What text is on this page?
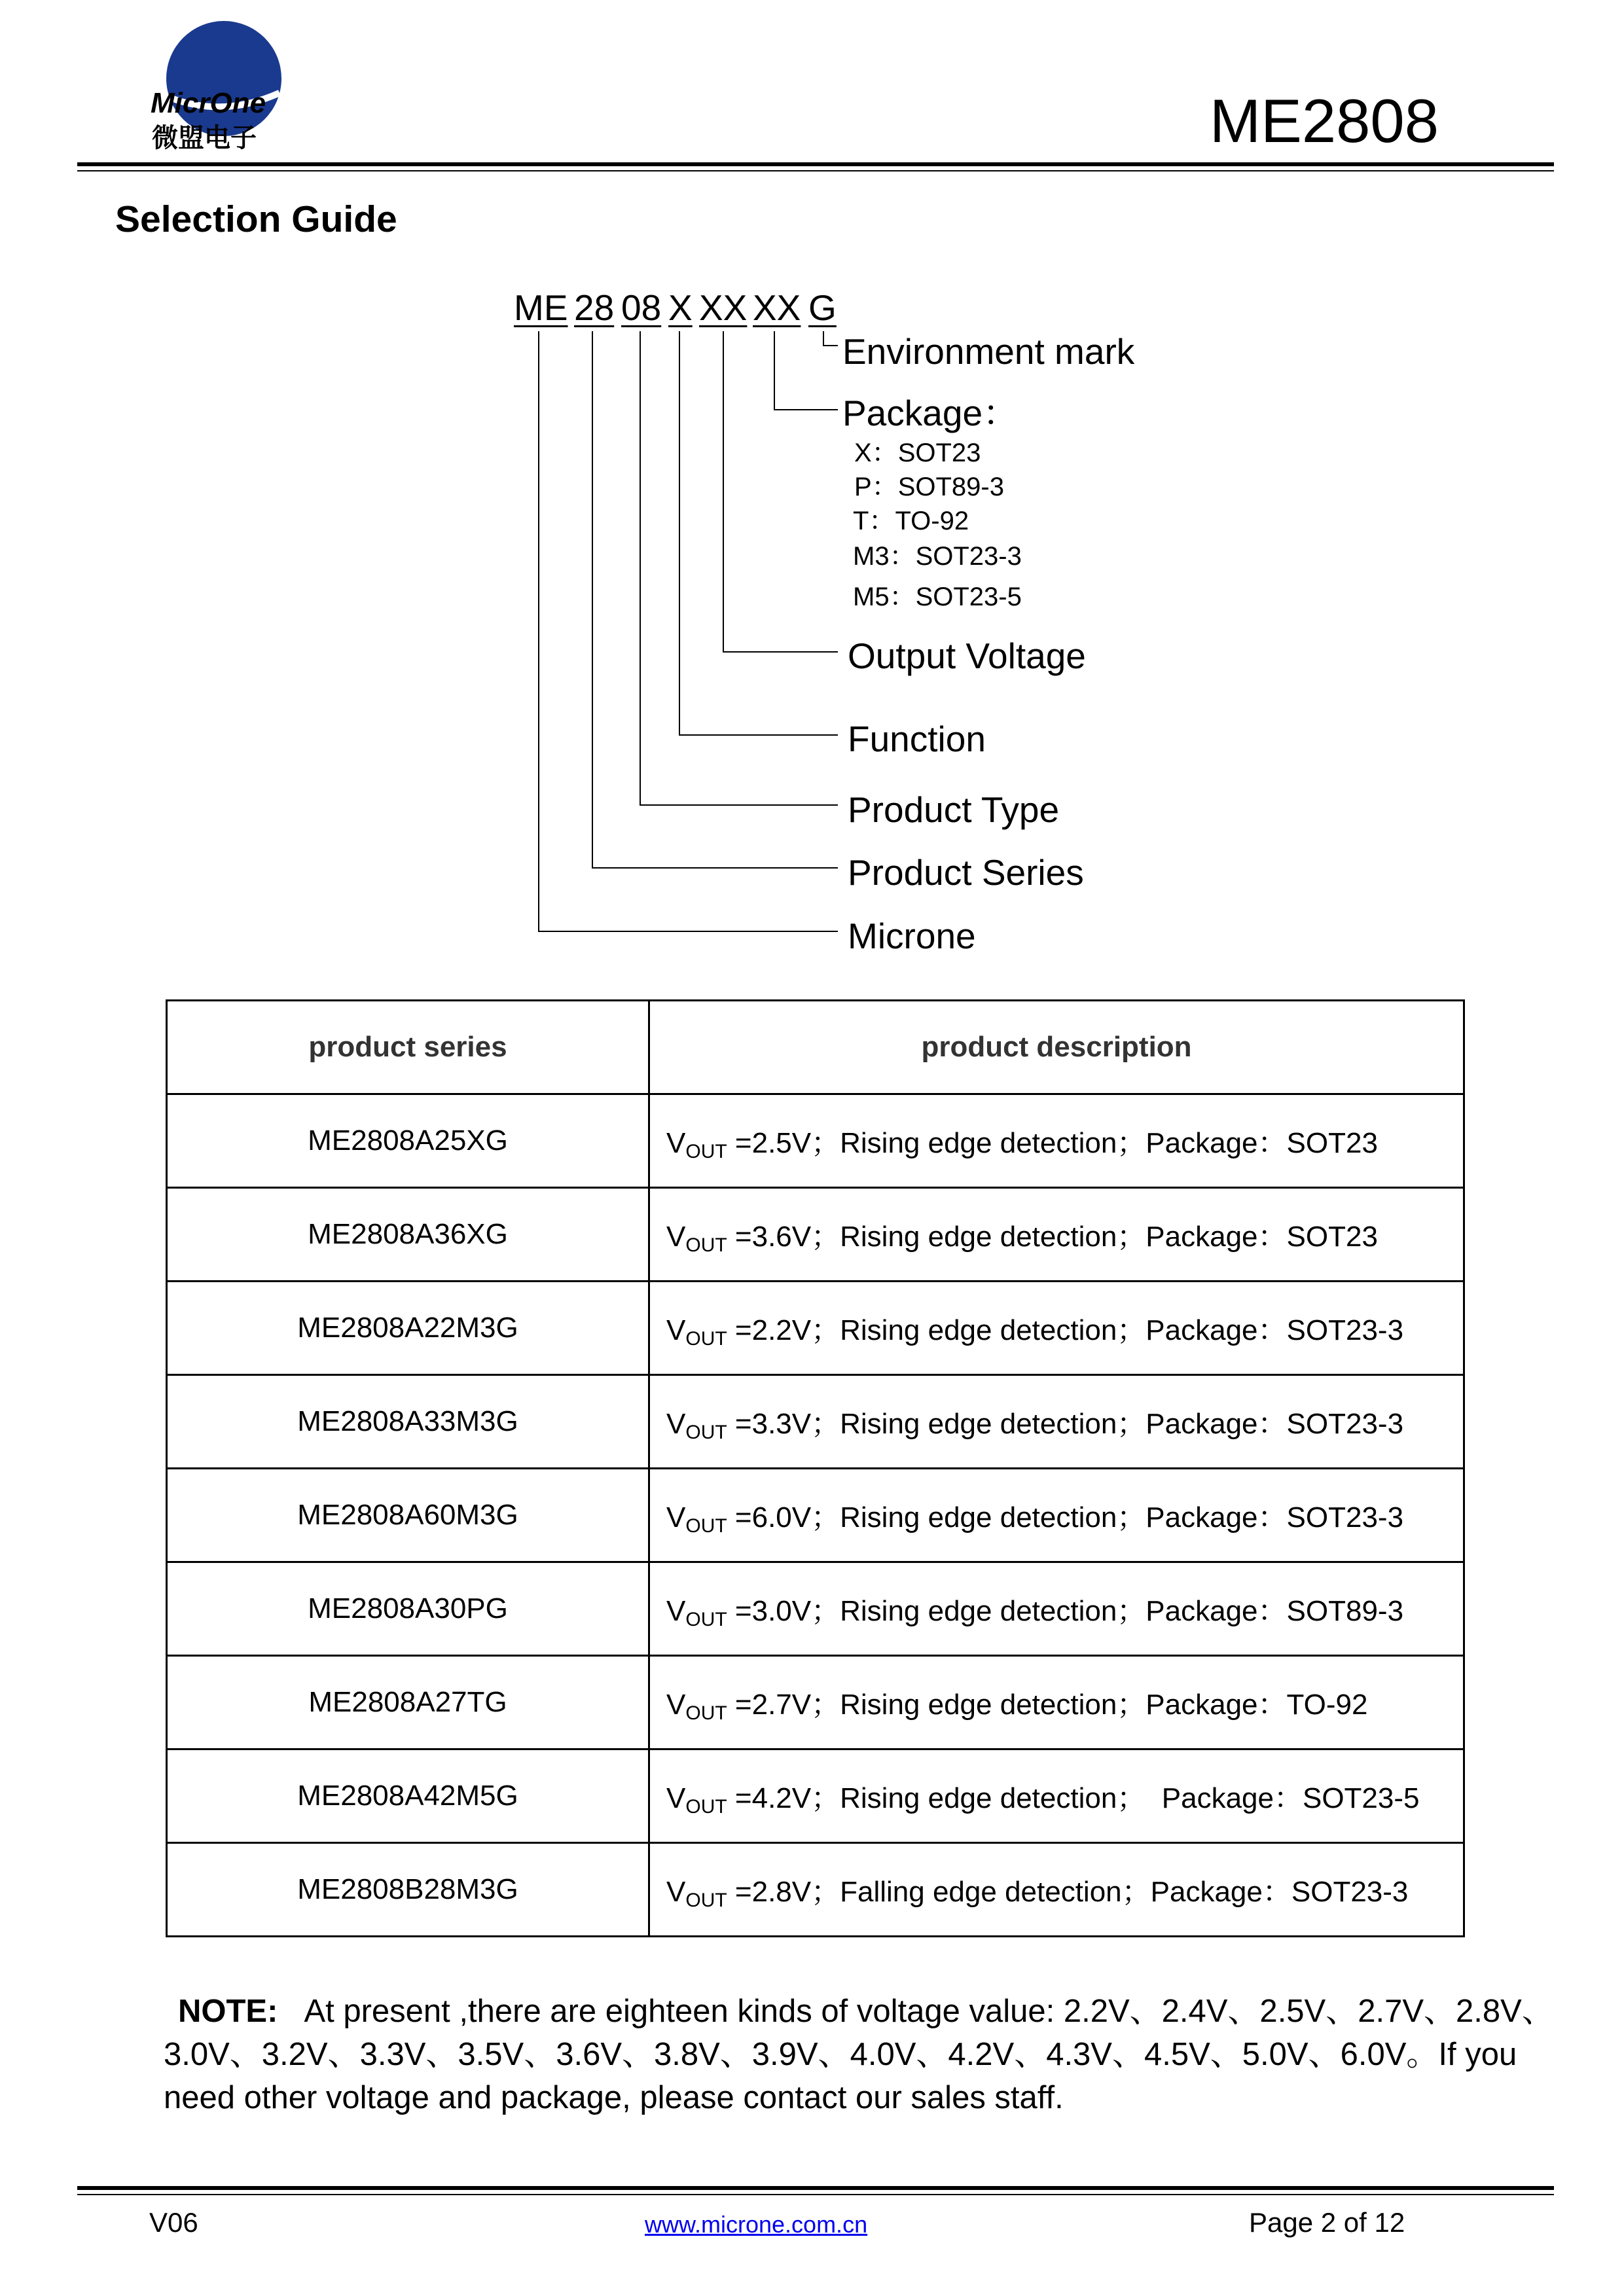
MicrOne
微盟电子	ME2808
Selection Guide
ME 28 08 X XX XX G
Environment mark
Package：
X：SOT23
P：SOT89-3
T：TO-92
M3：SOT23-3
M5：SOT23-5
Output Voltage
Function
Product Type
Product Series
Microne
product series	product description
ME2808A25XG	$V_{OUT} =2.5V$；Rising edge detection；Package：SOT23
ME2808A36XG	$V_{OUT} =3.6V$；Rising edge detection；Package：SOT23
ME2808A22M3G	$V_{OUT} =2.2V$；Rising edge detection；Package：SOT23-3
ME2808A33M3G	$V_{OUT} =3.3V$；Rising edge detection；Package：SOT23-3
ME2808A60M3G	$V_{OUT} =6.0V$；Rising edge detection；Package：SOT23-3
ME2808A30PG	$V_{OUT} =3.0V$；Rising edge detection；Package：SOT89-3
ME2808A27TG	$V_{OUT} =2.7V$；Rising edge detection；Package：TO-92
ME2808A42M5G	$V_{OUT} =4.2V$；Rising edge detection；  Package：SOT23-5
ME2808B28M3G	$V_{OUT} =2.8V$；Falling edge detection；Package：SOT23-3
NOTE: At present ,there are eighteen kinds of voltage value: 2.2V、2.4V、2.5V、2.7V、2.8V、3.0V、3.2V、3.3V、3.5V、3.6V、3.8V、3.9V、4.0V、4.2V、4.3V、4.5V、5.0V、6.0V。If you need other voltage and package, please contact our sales staff.
V06	www.microne.com.cn	Page 2 of 12
